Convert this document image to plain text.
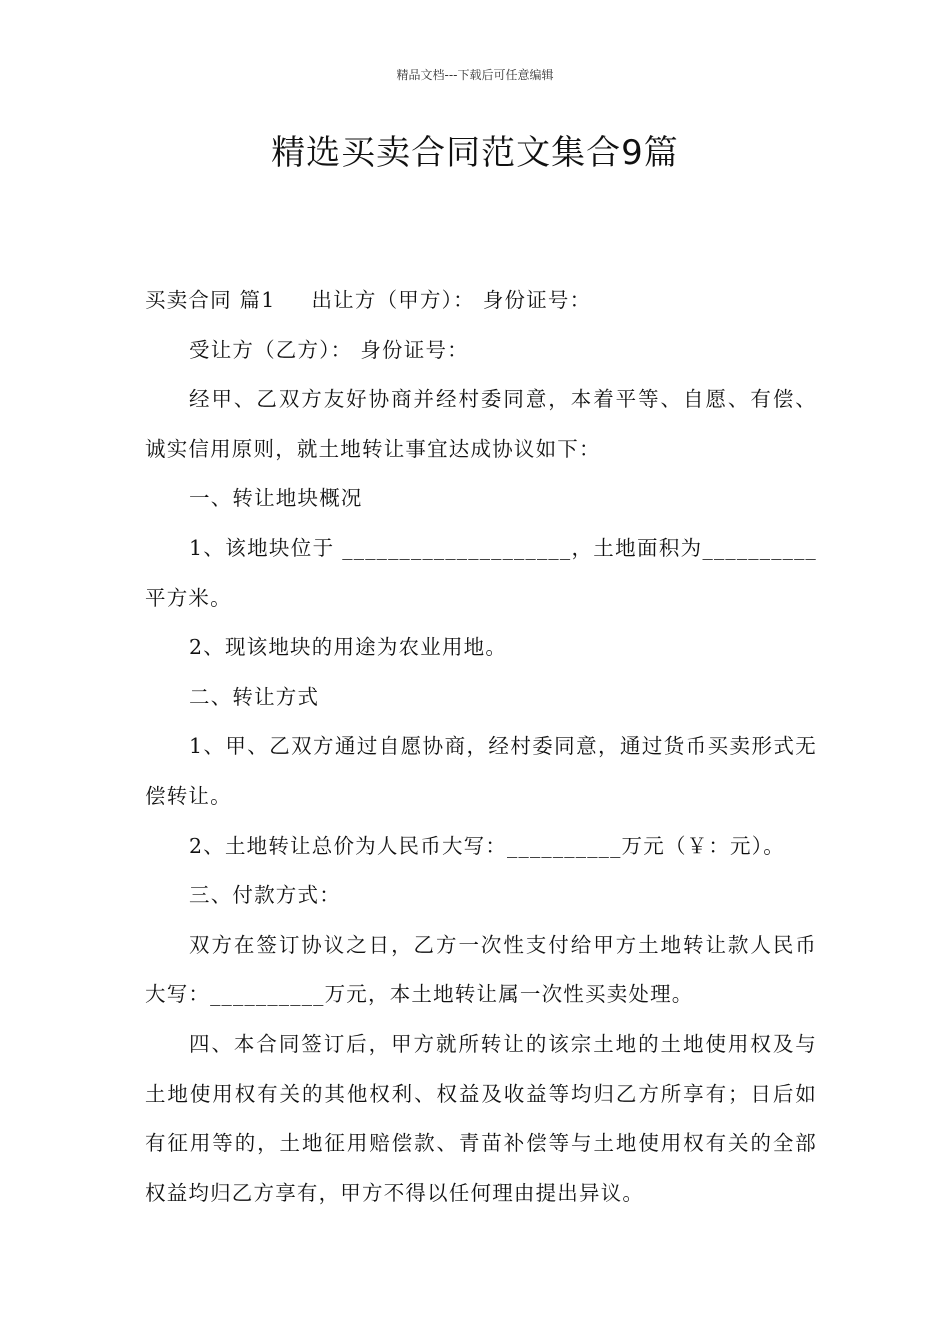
精品文档---下载后可任意编辑
精选买卖合同范文集合9篇

买卖合同 篇1 出让方（甲方）： 身份证号：

受让方（乙方）： 身份证号：

经甲、乙双方友好协商并经村委同意，本着平等、自愿、有偿、诚实信用原则，就土地转让事宜达成协议如下：

一、转让地块概况

1、该地块位于 ____________________，土地面积为__________平方米。

2、现该地块的用途为农业用地。

二、转让方式

1、甲、乙双方通过自愿协商，经村委同意，通过货币买卖形式无偿转让。

2、土地转让总价为人民币大写：__________万元（￥：元）。

三、付款方式：

双方在签订协议之日，乙方一次性支付给甲方土地转让款人民币大写：__________万元，本土地转让属一次性买卖处理。

四、本合同签订后，甲方就所转让的该宗土地的土地使用权及与土地使用权有关的其他权利、权益及收益等均归乙方所享有；日后如有征用等的，土地征用赔偿款、青苗补偿等与土地使用权有关的全部权益均归乙方享有，甲方不得以任何理由提出异议。
